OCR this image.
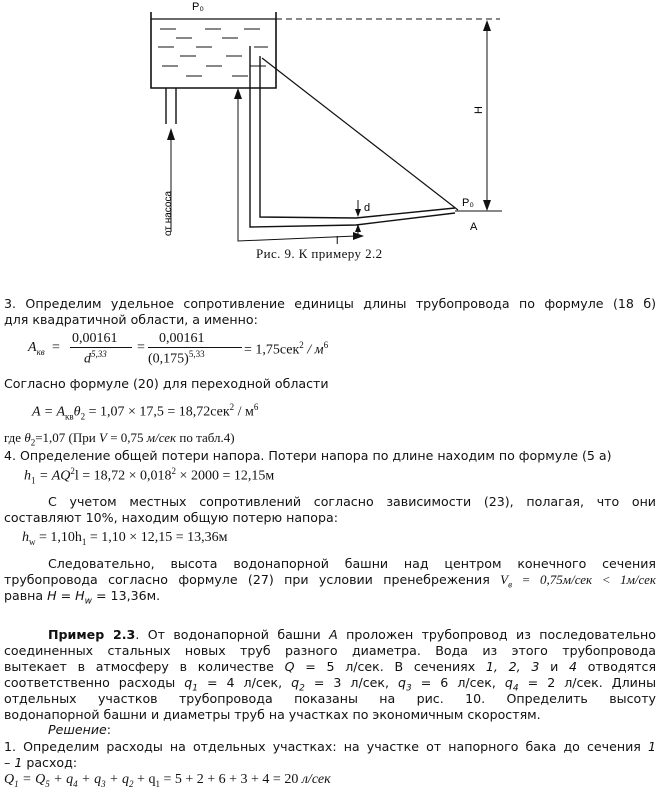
P₀
P₀
H
d
l
A
от насоса
Рис. 9. К примеру 2.2
3. Определим удельное сопротивление единицы длины трубопровода по формуле (18 б)
для квадратичной области, а именно:
$A_{кв}$ =
0,00161
$d^{5,33}$ =
0,00161
$(0,175)^{5,33}$	= $1,75сек^2 / м^6$
Согласно формуле (20) для переходной области
$A = A_{кв}\theta_2 = 1,07 \times 17,5 = 18,72сек^2 / м^6$
где $\theta_2=1,07$ (При V = 0,75 м/сек по табл.4)
4. Определение общей потери напора. Потери напора по длине находим по формуле (5 а)
$h_1 = AQ^2l = 18,72 \times 0,018^2 \times 2000 = 12,15м$
С учетом местных сопротивлений согласно зависимости (23), полагая, что они
составляют 10%, находим общую потерю напора:
$h_w = 1,10h_1 = 1,10 \times 12,15 = 13,36м$
Следовательно, высота водонапорной башни над центром конечного сечения
трубопровода согласно формуле (27) при условии пренебрежения $V_в = 0,75м/сек < 1м/сек$
равна $H = H_w = 13,36м$.
Пример 2.3. От водонапорной башни A проложен трубопровод из последовательно
соединенных стальных новых труб разного диаметра. Вода из этого трубопровода
вытекает в атмосферу в количестве Q = 5 л/сек. В сечениях 1, 2, 3 и 4 отводятся
соответственно расходы $q_1 = 4$ л/сек, $q_2 = 3$ л/сек, $q_3 = 6$ л/сек, $q_4 = 2$ л/сек. Длины
отдельных участков трубопровода показаны на рис. 10. Определить высоту
водонапорной башни и диаметры труб на участках по экономичным скоростям.
Решение:
1. Определим расходы на отдельных участках: на участке от напорного бака до сечения 1
– 1 расход:
$Q_1 = Q_5 + q_4 + q_3 + q_2 + q_1 = 5 + 2 + 6 + 3 + 4 = 20$ л/сек
